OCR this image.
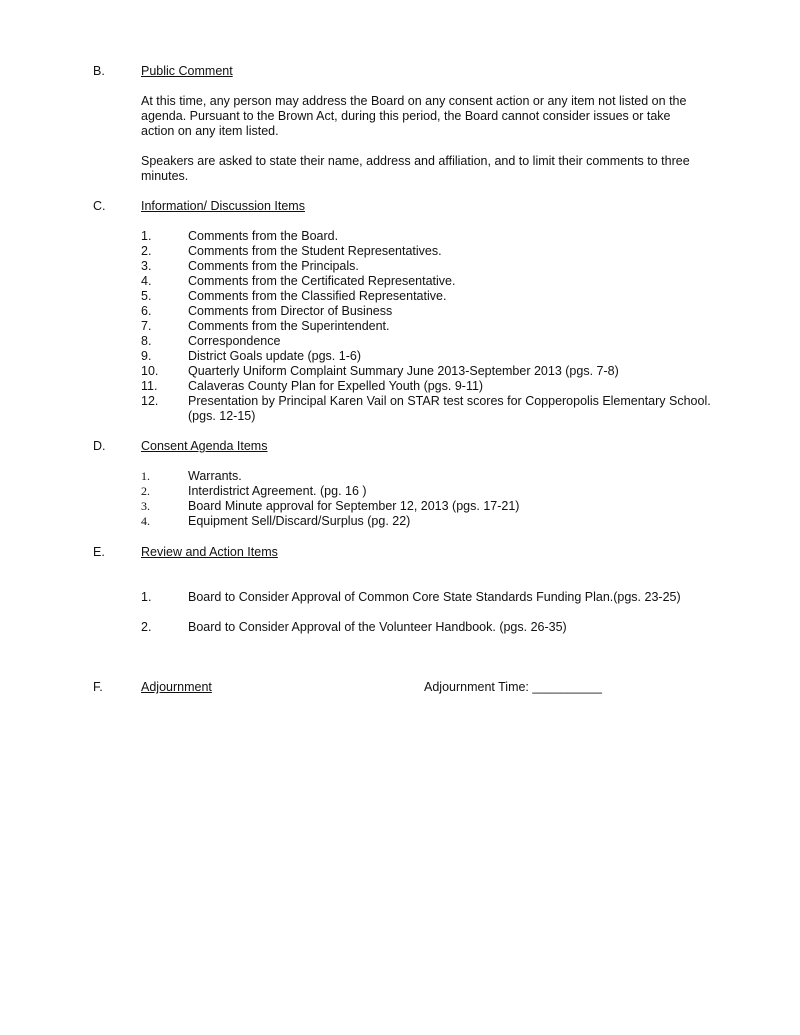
B.	Public Comment
At this time, any person may address the Board on any consent action or any item not listed on the agenda. Pursuant to the Brown Act, during this period, the Board cannot consider issues or take action on any item listed.
Speakers are asked to state their name, address and affiliation, and to limit their comments to three minutes.
C.	Information/ Discussion Items
1.	Comments from the Board.
2.	Comments from the Student Representatives.
3.	Comments from the Principals.
4.	Comments from the Certificated Representative.
5.	Comments from the Classified Representative.
6.	Comments from Director of Business
7.	Comments from the Superintendent.
8.	Correspondence
9.	District Goals update (pgs. 1-6)
10. Quarterly Uniform Complaint Summary June 2013-September 2013 (pgs. 7-8)
11. Calaveras County Plan for Expelled Youth (pgs. 9-11)
12. Presentation by Principal Karen Vail on STAR test scores for Copperopolis Elementary School. (pgs. 12-15)
D.	Consent Agenda Items
1.	Warrants.
2.	Interdistrict Agreement. (pg. 16 )
3.	Board Minute approval for September 12, 2013 (pgs. 17-21)
4.	Equipment Sell/Discard/Surplus (pg. 22)
E.	Review and Action Items
1.	Board to Consider Approval of Common Core State Standards Funding Plan.(pgs. 23-25)
2.	Board to Consider Approval of the Volunteer Handbook. (pgs. 26-35)
F.	Adjournment	Adjournment Time: __________
